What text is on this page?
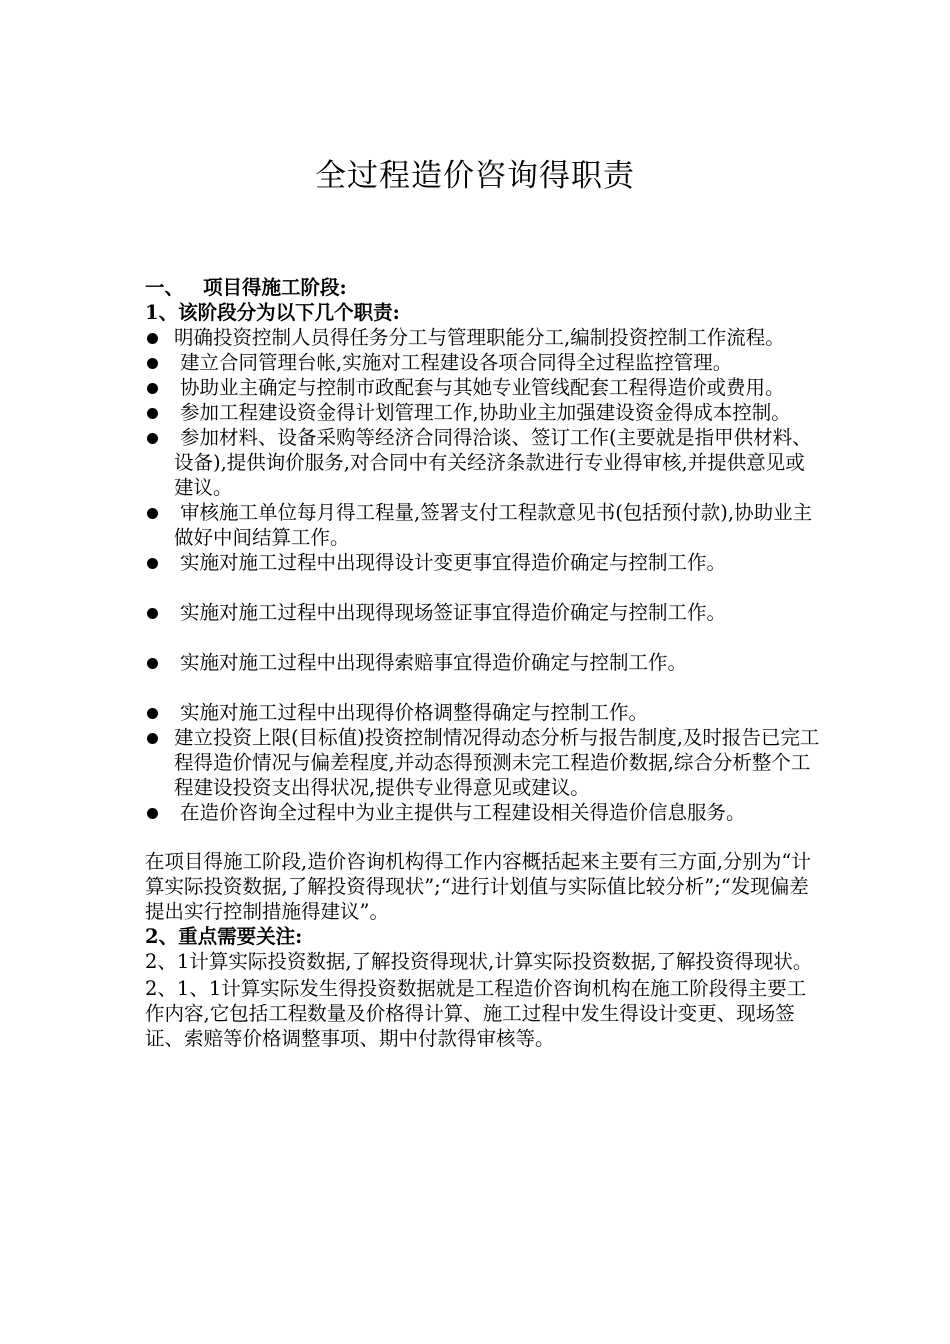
全过程造价咨询得职责

一、 项目得施工阶段:

1、该阶段分为以下几个职责:

明确投资控制人员得任务分工与管理职能分工,编制投资控制工作流程。
建立合同管理台帐,实施对工程建设各项合同得全过程监控管理。
协助业主确定与控制市政配套与其她专业管线配套工程得造价或费用。
参加工程建设资金得计划管理工作,协助业主加强建设资金得成本控制。
参加材料、设备采购等经济合同得洽谈、签订工作(主要就是指甲供材料、设备),提供询价服务,对合同中有关经济条款进行专业得审核,并提供意见或建议。
审核施工单位每月得工程量,签署支付工程款意见书(包括预付款),协助业主做好中间结算工作。
实施对施工过程中出现得设计变更事宜得造价确定与控制工作。
实施对施工过程中出现得现场签证事宜得造价确定与控制工作。
实施对施工过程中出现得索赔事宜得造价确定与控制工作。
实施对施工过程中出现得价格调整得确定与控制工作。
建立投资上限(目标值)投资控制情况得动态分析与报告制度,及时报告已完工程得造价情况与偏差程度,并动态得预测未完工程造价数据,综合分析整个工程建设投资支出得状况,提供专业得意见或建议。
在造价咨询全过程中为业主提供与工程建设相关得造价信息服务。

在项目得施工阶段,造价咨询机构得工作内容概括起来主要有三方面,分别为“计算实际投资数据,了解投资得现状”;“进行计划值与实际值比较分析”;“发现偏差提出实行控制措施得建议”。

2、重点需要关注:

2、1计算实际投资数据,了解投资得现状,计算实际投资数据,了解投资得现状。

2、1、1计算实际发生得投资数据就是工程造价咨询机构在施工阶段得主要工作内容,它包括工程数量及价格得计算、施工过程中发生得设计变更、现场签证、索赔等价格调整事项、期中付款得审核等。
